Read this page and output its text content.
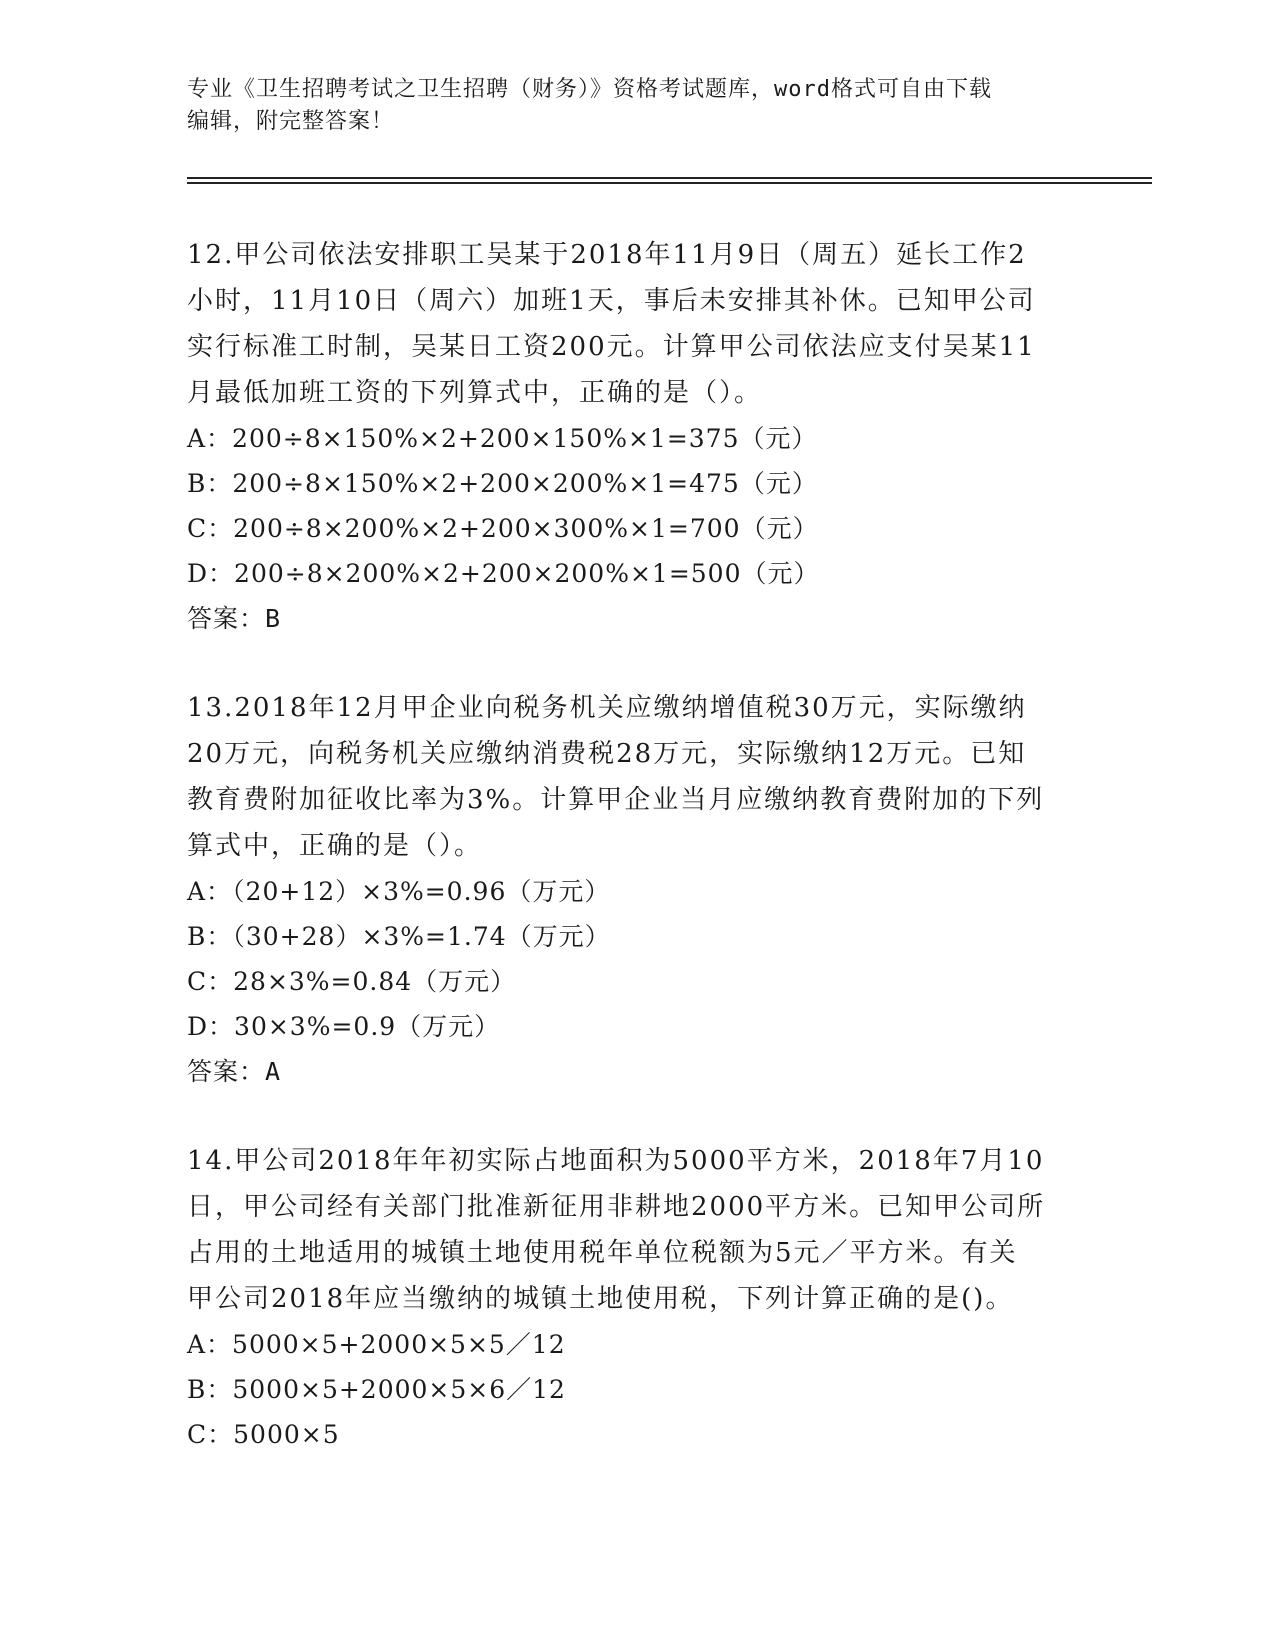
专业《卫生招聘考试之卫生招聘（财务）》资格考试题库，word格式可自由下载
编辑，附完整答案！
12.甲公司依法安排职工吴某于2018年11月9日（周五）延长工作2
小时，11月10日（周六）加班1天，事后未安排其补休。已知甲公司
实行标准工时制，吴某日工资200元。计算甲公司依法应支付吴某11
月最低加班工资的下列算式中，正确的是（）。
A：200÷8×150%×2+200×150%×1=375（元）
B：200÷8×150%×2+200×200%×1=475（元）
C：200÷8×200%×2+200×300%×1=700（元）
D：200÷8×200%×2+200×200%×1=500（元）
答案：B
13.2018年12月甲企业向税务机关应缴纳增值税30万元，实际缴纳
20万元，向税务机关应缴纳消费税28万元，实际缴纳12万元。已知
教育费附加征收比率为3%。计算甲企业当月应缴纳教育费附加的下列
算式中，正确的是（）。
A：（20+12）×3%=0.96（万元）
B：（30+28）×3%=1.74（万元）
C：28×3%=0.84（万元）
D：30×3%=0.9（万元）
答案：A
14.甲公司2018年年初实际占地面积为5000平方米，2018年7月10
日，甲公司经有关部门批准新征用非耕地2000平方米。已知甲公司所
占用的土地适用的城镇土地使用税年单位税额为5元／平方米。有关
甲公司2018年应当缴纳的城镇土地使用税，下列计算正确的是()。
A：5000×5+2000×5×5／12
B：5000×5+2000×5×6／12
C：5000×5
